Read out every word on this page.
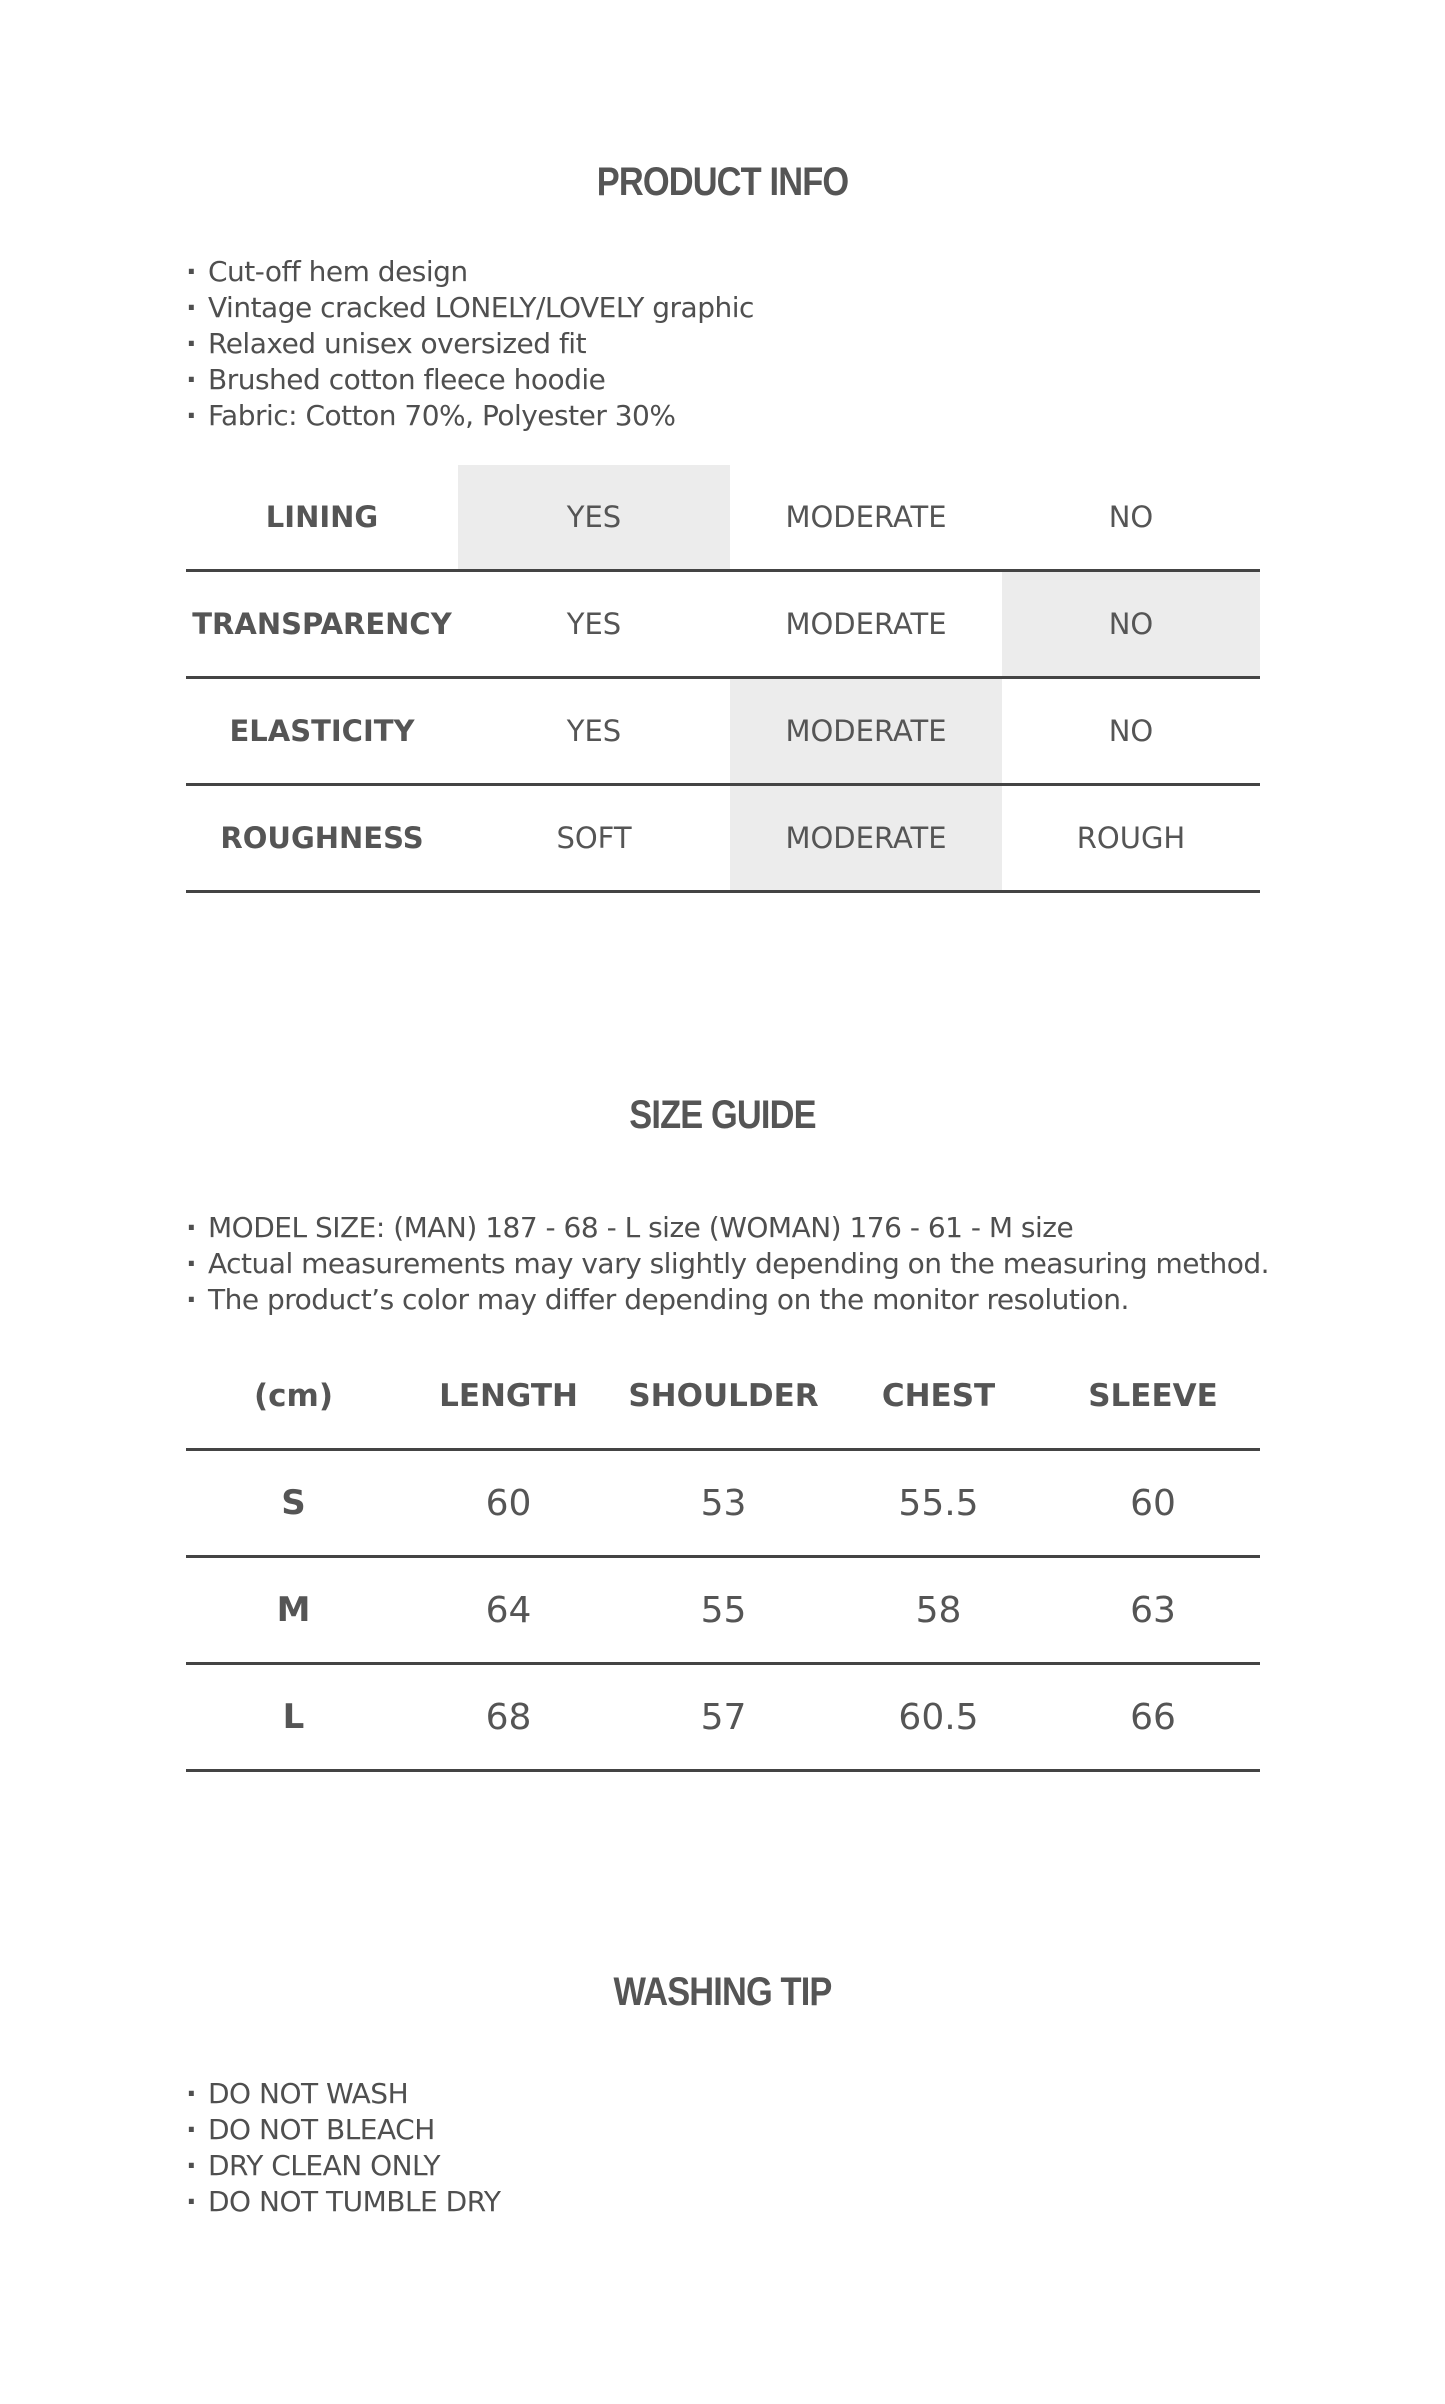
PRODUCT INFO
· Cut-off hem design
· Vintage cracked LONELY/LOVELY graphic
· Relaxed unisex oversized fit
· Brushed cotton fleece hoodie
· Fabric: Cotton 70%, Polyester 30%
LINING	YES	MODERATE	NO
TRANSPARENCY	YES	MODERATE	NO
ELASTICITY	YES	MODERATE	NO
ROUGHNESS	SOFT	MODERATE	ROUGH
SIZE GUIDE
· MODEL SIZE: (MAN) 187 - 68 - L size (WOMAN) 176 - 61 - M size
· Actual measurements may vary slightly depending on the measuring method.
· The product’s color may differ depending on the monitor resolution.
(cm)	LENGTH	SHOULDER	CHEST	SLEEVE
S	60	53	55.5	60
M	64	55	58	63
L	68	57	60.5	66
WASHING TIP
· DO NOT WASH
· DO NOT BLEACH
· DRY CLEAN ONLY
· DO NOT TUMBLE DRY
